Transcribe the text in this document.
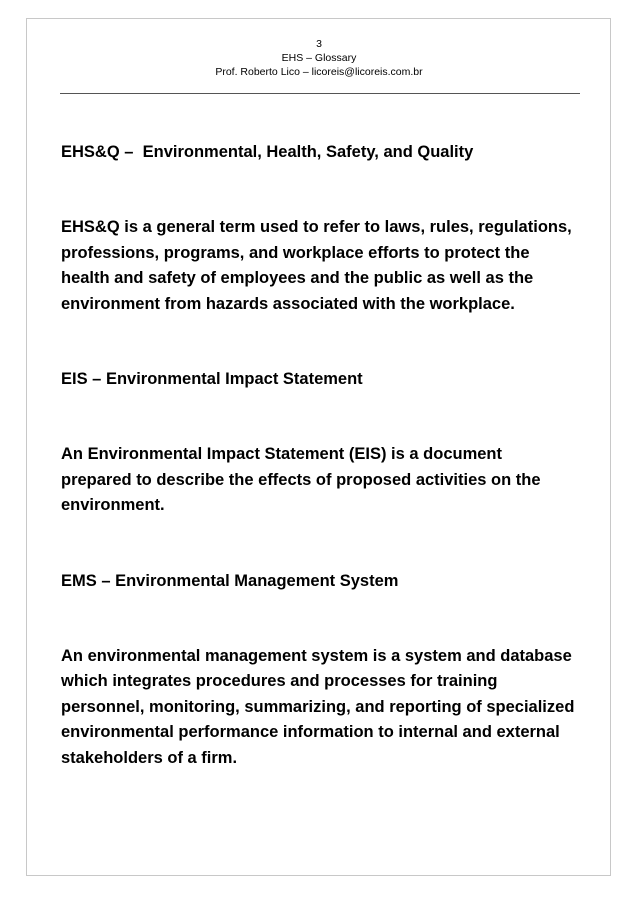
3
EHS – Glossary
Prof. Roberto Lico – licoreis@licoreis.com.br

EHS&Q –  Environmental, Health, Safety, and Quality

EHS&Q is a general term used to refer to laws, rules, regulations, professions, programs, and workplace efforts to protect the health and safety of employees and the public as well as the environment from hazards associated with the workplace.

EIS – Environmental Impact Statement

An Environmental Impact Statement (EIS) is a document prepared to describe the effects of proposed activities on the environment.

EMS – Environmental Management System

An environmental management system is a system and database which integrates procedures and processes for training personnel, monitoring, summarizing, and reporting of specialized environmental performance information to internal and external stakeholders of a firm.
